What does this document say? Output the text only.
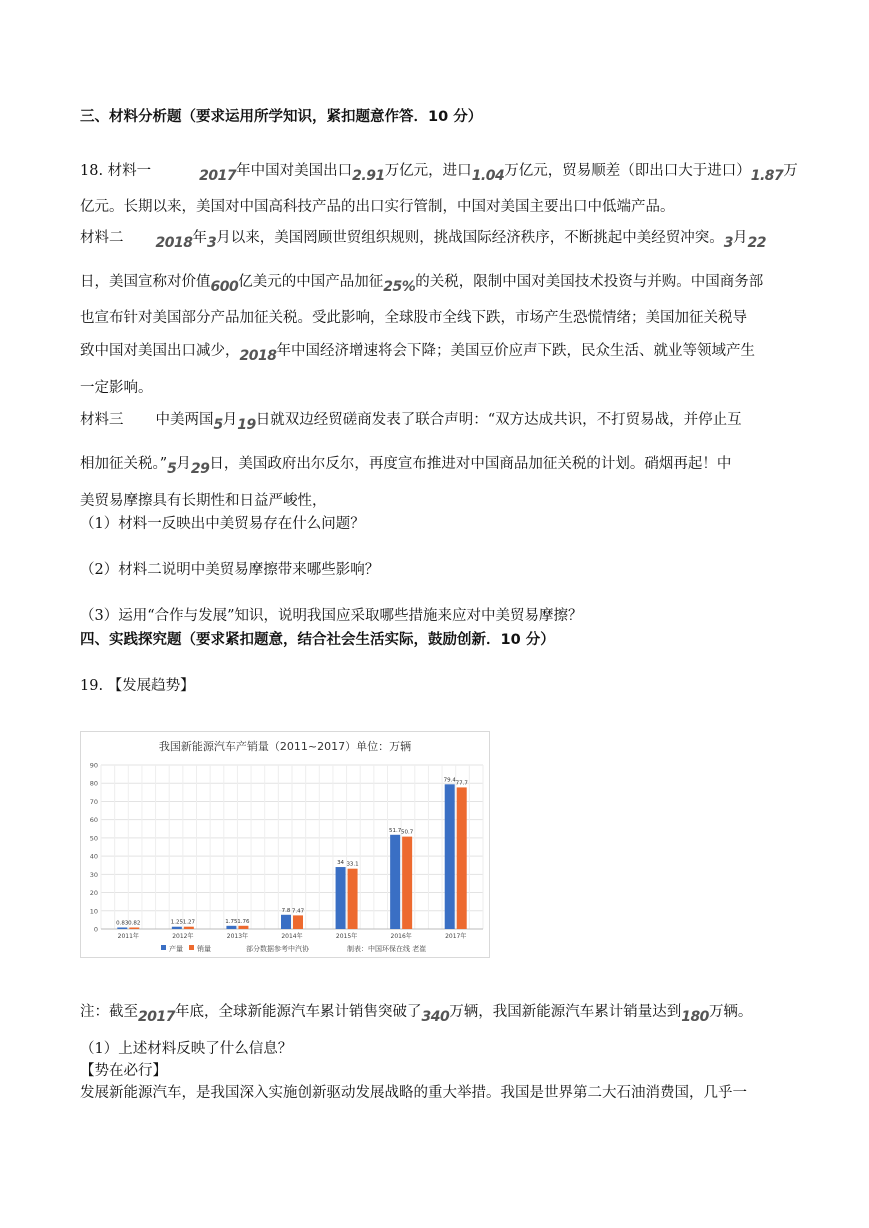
三、材料分析题（要求运用所学知识，紧扣题意作答．10 分）
18. 材料一	2017年中国对美国出口2.91万亿元，进口1.04万亿元，贸易顺差（即出口大于进口）1.87万
亿元。长期以来，美国对中国高科技产品的出口实行管制，中国对美国主要出口中低端产品。
材料二 2018年3月以来，美国罔顾世贸组织规则，挑战国际经济秩序，不断挑起中美经贸冲突。3月22
日，美国宣称对价值600亿美元的中国产品加征25%的关税，限制中国对美国技术投资与并购。中国商务部
也宣布针对美国部分产品加征关税。受此影响，全球股市全线下跌，市场产生恐慌情绪；美国加征关税导
致中国对美国出口减少，2018年中国经济增速将会下降；美国豆价应声下跌，民众生活、就业等领域产生
一定影响。
材料三 中美两国5月19日就双边经贸磋商发表了联合声明：“双方达成共识，不打贸易战，并停止互
相加征关税。”5月29日，美国政府出尔反尔，再度宣布推进对中国商品加征关税的计划。硝烟再起！中
美贸易摩擦具有长期性和日益严峻性，
（1）材料一反映出中美贸易存在什么问题？
（2）材料二说明中美贸易摩擦带来哪些影响？
（3）运用“合作与发展”知识，说明我国应采取哪些措施来应对中美贸易摩擦？
四、实践探究题（要求紧扣题意，结合社会生活实际，鼓励创新．10 分）
19. 【发展趋势】
我国新能源汽车产销量（2011~2017）单位：万辆
0
10
20
30
40
50
60
70
80
90
0.83 0.82
2011年
1.25 1.27
2012年
1.75 1.76
2013年
7.8 7.47
2014年
34 33.1
2015年
51.7 50.7
2016年
79.4
77.7
2017年
产量 销量	部分数据参考中汽协	制表：中国环保在线 老崔
注：截至2017年底，全球新能源汽车累计销售突破了340万辆，我国新能源汽车累计销量达到180万辆。
（1）上述材料反映了什么信息？
【势在必行】
发展新能源汽车，是我国深入实施创新驱动发展战略的重大举措。我国是世界第二大石油消费国，几乎一
